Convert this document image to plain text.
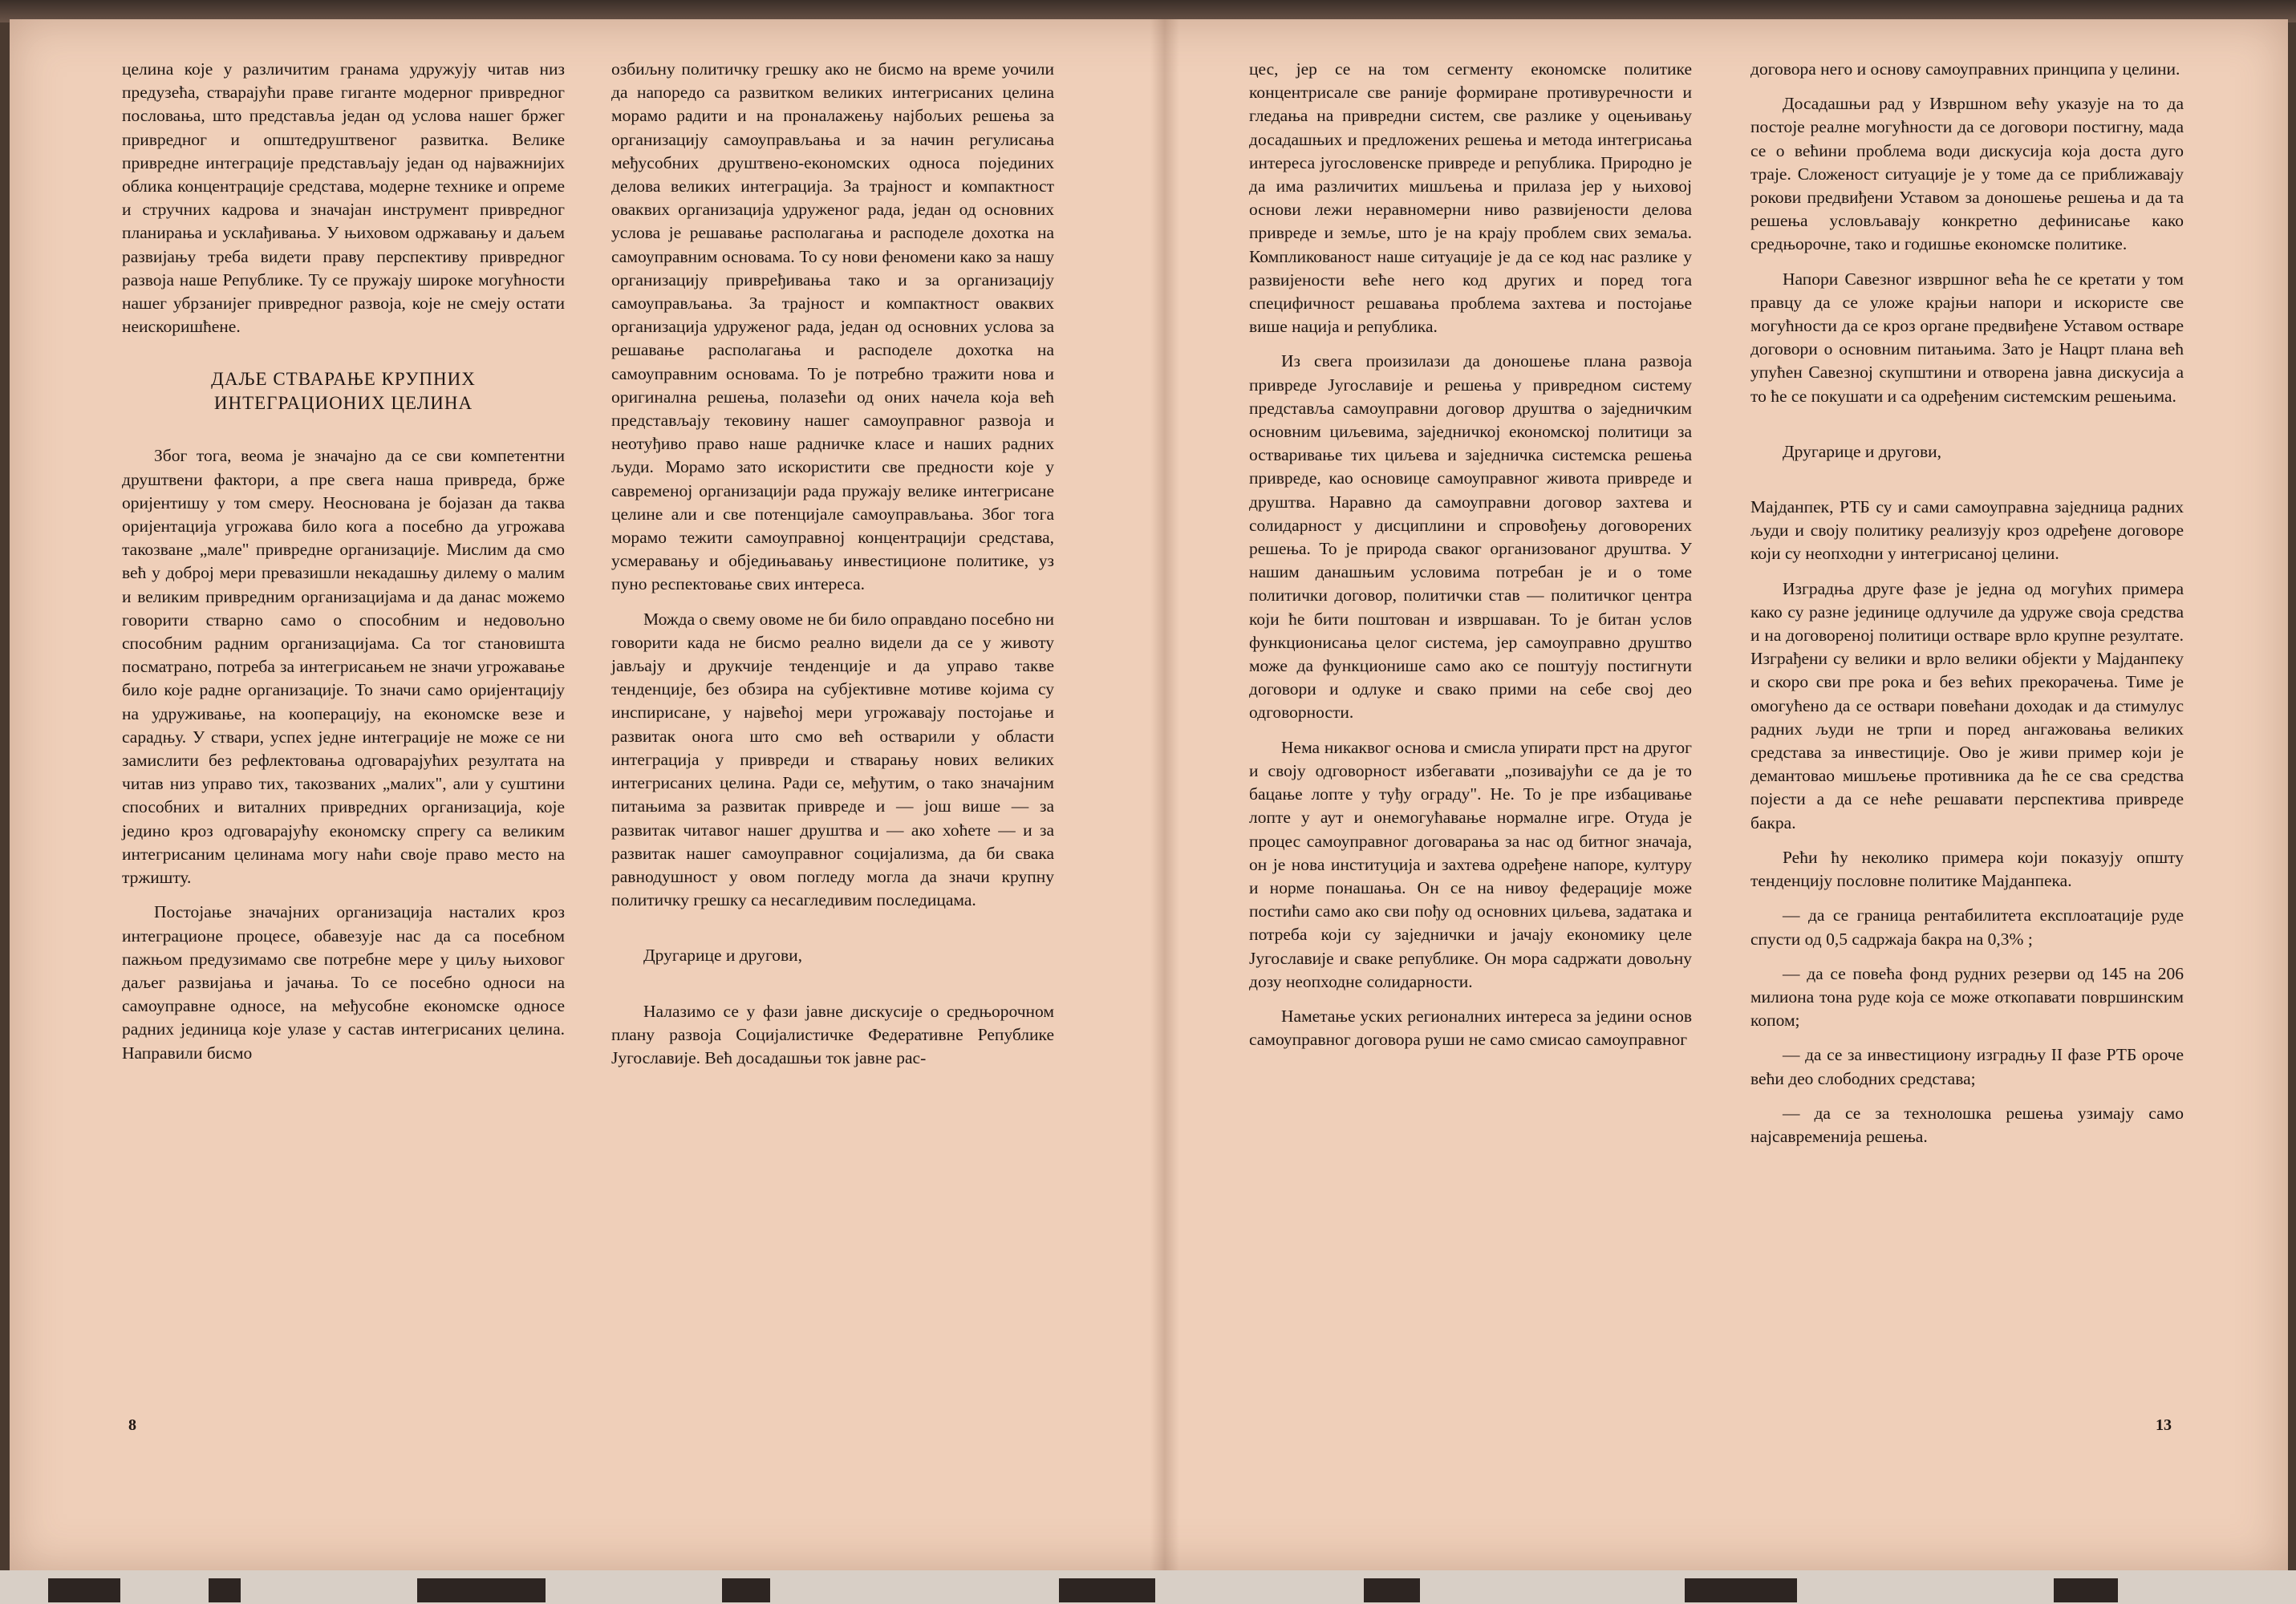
целина које у различитим гранама удружују читав низ предузећа, стварајући праве гиганте модерног привредног пословања, што представља један од услова нашег бржег привредног и општедруштвеног развитка. Велике привредне интеграције представљају један од најважнијих облика концентрације средстава, модерне технике и опреме и стручних кадрова и значајан инструмент привредног планирања и усклађивања. У њиховом одржавању и даљем развијању треба видети праву перспективу привредног развоја наше Републике. Ту се пружају широке могућности нашег убрзанијег привредног развоја, које не смеју остати неискоришћене.

ДАЉЕ СТВАРАЊЕ КРУПНИХ
ИНТЕГРАЦИОНИХ ЦЕЛИНА

Због тога, веома је значајно да се сви компетентни друштвени фактори, а пре свега наша привреда, брже оријентишу у том смеру. Неоснована је бојазан да таква оријентација угрожава било кога а посебно да угрожава такозване „мале" привредне организације. Мислим да смо већ у доброј мери превазишли некадашњу дилему о малим и великим привредним организацијама и да данас можемо говорити стварно само о способним и недовољно способним радним организацијама. Са тог становишта посматрано, потреба за интегрисањем не значи угрожавање било које радне организације. То значи само оријентацију на удруживање, на кооперацију, на економске везе и сарадњу. У ствари, успех једне интеграције не може се ни замислити без рефлектовања одговарајућих резултата на читав низ управо тих, такозваних „малих", али у суштини способних и виталних привредних организација, које једино кроз одговарајућу економску спрегу са великим интегрисаним целинама могу наћи своје право место на тржишту.

Постојање значајних организација насталих кроз интеграционе процесе, обавезује нас да са посебном пажњом предузимамо све потребне мере у циљу њиховог даљег развијања и јачања. То се посебно односи на самоуправне односе, на међусобне економске односе радних јединица које улазе у састав интегрисаних целина. Направили бисмо

озбиљну политичку грешку ако не бисмо на време уочили да напоредо са развитком великих интегрисаних целина морамо радити и на проналажењу најбољих решења за организацију самоуправљања и за начин регулисања међусобних друштвено-економских односа појединих делова великих интеграција. За трајност и компактност оваквих организација удруженог рада, један од основних услова је решавање располагања и расподеле дохотка на самоуправним основама. То су нови феномени како за нашу организацију привређивања тако и за организацију самоуправљања. За трајност и компактност оваквих организација удруженог рада, један од основних услова за решавање располагања и расподеле дохотка на самоуправним основама. То је потребно тражити нова и оригинална решења, полазећи од оних начела која већ представљају тековину нашег самоуправног развоја и неотуђиво право наше радничке класе и наших радних људи. Морамо зато искористити све предности које у савременој организацији рада пружају велике интегрисане целине али и све потенцијале самоуправљања. Због тога морамо тежити самоуправној концентрацији средстава, усмеравању и обједињавању инвестиционе политике, уз пуно респектовање свих интереса.

Можда о свему овоме не би било оправдано посебно ни говорити када не бисмо реално видели да се у животу јављају и друкчије тенденције и да управо такве тенденције, без обзира на субјективне мотиве којима су инспирисане, у највећој мери угрожавају постојање и развитак онога што смо већ остварили у области интеграција у привреди и стварању нових великих интегрисаних целина. Ради се, међутим, о тако значајним питањима за развитак привреде и — још више — за развитак читавог нашег друштва и — ако хоћете — и за развитак нашег самоуправног социјализма, да би свака равнодушност у овом погледу могла да значи крупну политичку грешку са несагледивим последицама.

Другарице и другови,

Налазимо се у фази јавне дискусије о средњорочном плану развоја Социјалистичке Федеративне Републике Југославије. Већ досадашњи ток јавне рас-

цес, јер се на том сегменту економске политике концентрисале све раније формиране противуречности и гледања на привредни систем, све разлике у оцењивању досадашњих и предложених решења и метода интегрисања интереса југословенске привреде и република. Природно је да има различитих мишљења и прилаза јер у њиховој основи лежи неравномерни ниво развијености делова привреде и земље, што је на крају проблем свих земаља. Компликованост наше ситуације је да се код нас разлике у развијености веће него код других и поред тога специфичност решавања проблема захтева и постојање више нација и република.

Из свега произилази да доношење плана развоја привреде Југославије и решења у привредном систему представља самоуправни договор друштва о заједничким основним циљевима, заједничкој економској политици за остваривање тих циљева и заједничка системска решења привреде, као основице самоуправног живота привреде и друштва. Наравно да самоуправни договор захтева и солидарност у дисциплини и спровођењу договорених решења. То је природа сваког организованог друштва. У нашим данашњим условима потребан је и о томе политички договор, политички став — политичког центра који ће бити поштован и извршаван. То је битан услов функционисања целог система, јер самоуправно друштво може да функционише само ако се поштују постигнути договори и одлуке и свако прими на себе свој део одговорности.

Нема никаквог основа и смисла упирати прст на другог и своју одговорност избегавати „позивајући се да је то бацање лопте у туђу ограду". Не. То је пре избацивање лопте у аут и онемогућавање нормалне игре. Отуда је процес самоуправног договарања за нас од битног значаја, он је нова институција и захтева одређене напоре, културу и норме понашања. Он се на нивоу федерације може постићи само ако сви пођу од основних циљева, задатака и потреба који су заједнички и јачају економику целе Југославије и сваке републике. Он мора садржати довољну дозу неопходне солидарности.

Наметање уских регионалних интереса за једини основ самоуправног договора руши не само смисао самоуправног

договора него и основу самоуправних принципа у целини.

Досадашњи рад у Извршном већу указује на то да постоје реалне могућности да се договори постигну, мада се о већини проблема води дискусија која доста дуго траје. Сложеност ситуације је у томе да се приближавају рокови предвиђени Уставом за доношење решења и да та решења условљавају конкретно дефинисање како средњорочне, тако и годишње економске политике.

Напори Савезног извршног већа ће се кретати у том правцу да се уложе крајњи напори и искористе све могућности да се кроз органе предвиђене Уставом остваре договори о основним питањима. Зато је Нацрт плана већ упућен Савезној скупштини и отворена јавна дискусија а то ће се покушати и са одређеним системским решењима.

Другарице и другови,

Мајданпек, РТБ су и сами самоуправна заједница радних људи и своју политику реализују кроз одређене договоре који су неопходни у интегрисаној целини.

Изградња друге фазе је једна од могућих примера како су разне јединице одлучиле да удруже своја средства и на договореној политици остваре врло крупне резултате. Изграђени су велики и врло велики објекти у Мајданпеку и скоро сви пре рока и без већих прекорачења. Тиме је омогућено да се оствари повећани доходак и да стимулус радних људи не трпи и поред ангажовања великих средстава за инвестиције. Ово је живи пример који је демантовао мишљење противника да ће се сва средства појести а да се неће решавати перспектива привреде бакра.

Рећи ћу неколико примера који показују општу тенденцију пословне политике Мајданпека.

— да се граница рентабилитета експлоатације руде спусти од 0,5 садржаја бакра на 0,3% ;

— да се повећа фонд рудних резерви од 145 на 206 милиона тона руде која се може откопавати површинским копом;

— да се за инвестициону изградњу II фазе РТБ ороче већи део слободних средстава;

— да се за технолошка решења узимају само најсавременија решења.

8	13
